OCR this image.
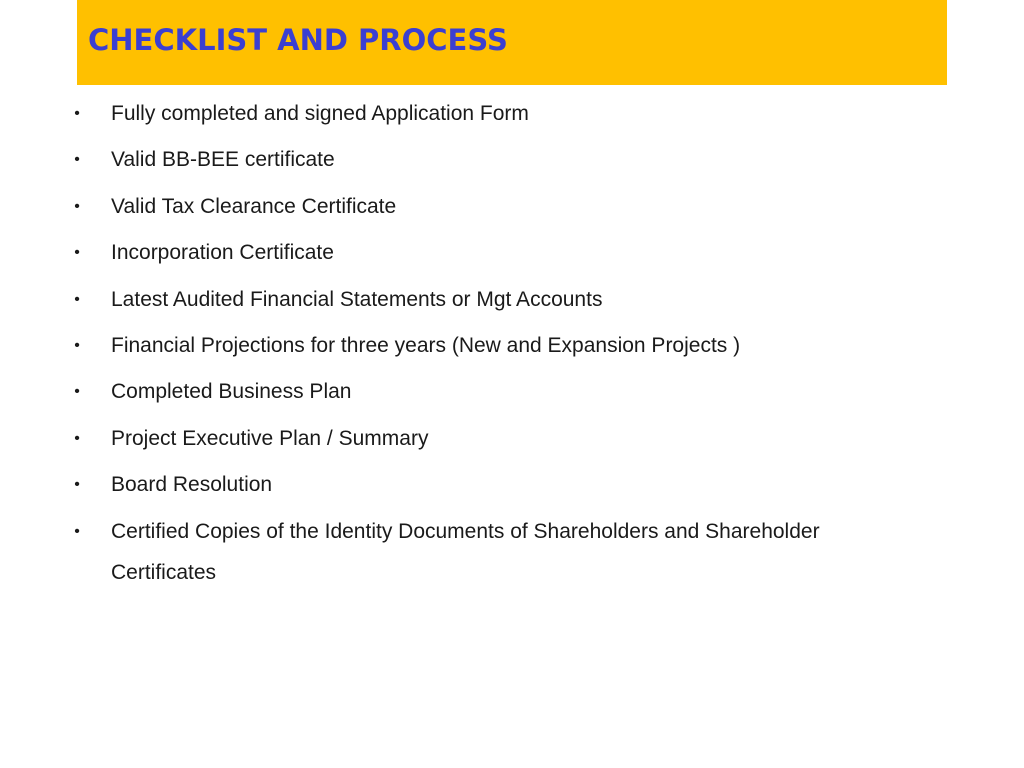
CHECKLIST AND PROCESS
• Fully completed and signed Application Form
• Valid BB-BEE certificate
• Valid Tax Clearance Certificate
• Incorporation Certificate
• Latest Audited Financial Statements or Mgt Accounts
• Financial Projections for three years (New and Expansion Projects )
• Completed Business Plan
• Project Executive Plan / Summary
• Board Resolution
• Certified Copies of the Identity Documents of Shareholders and Shareholder Certificates
